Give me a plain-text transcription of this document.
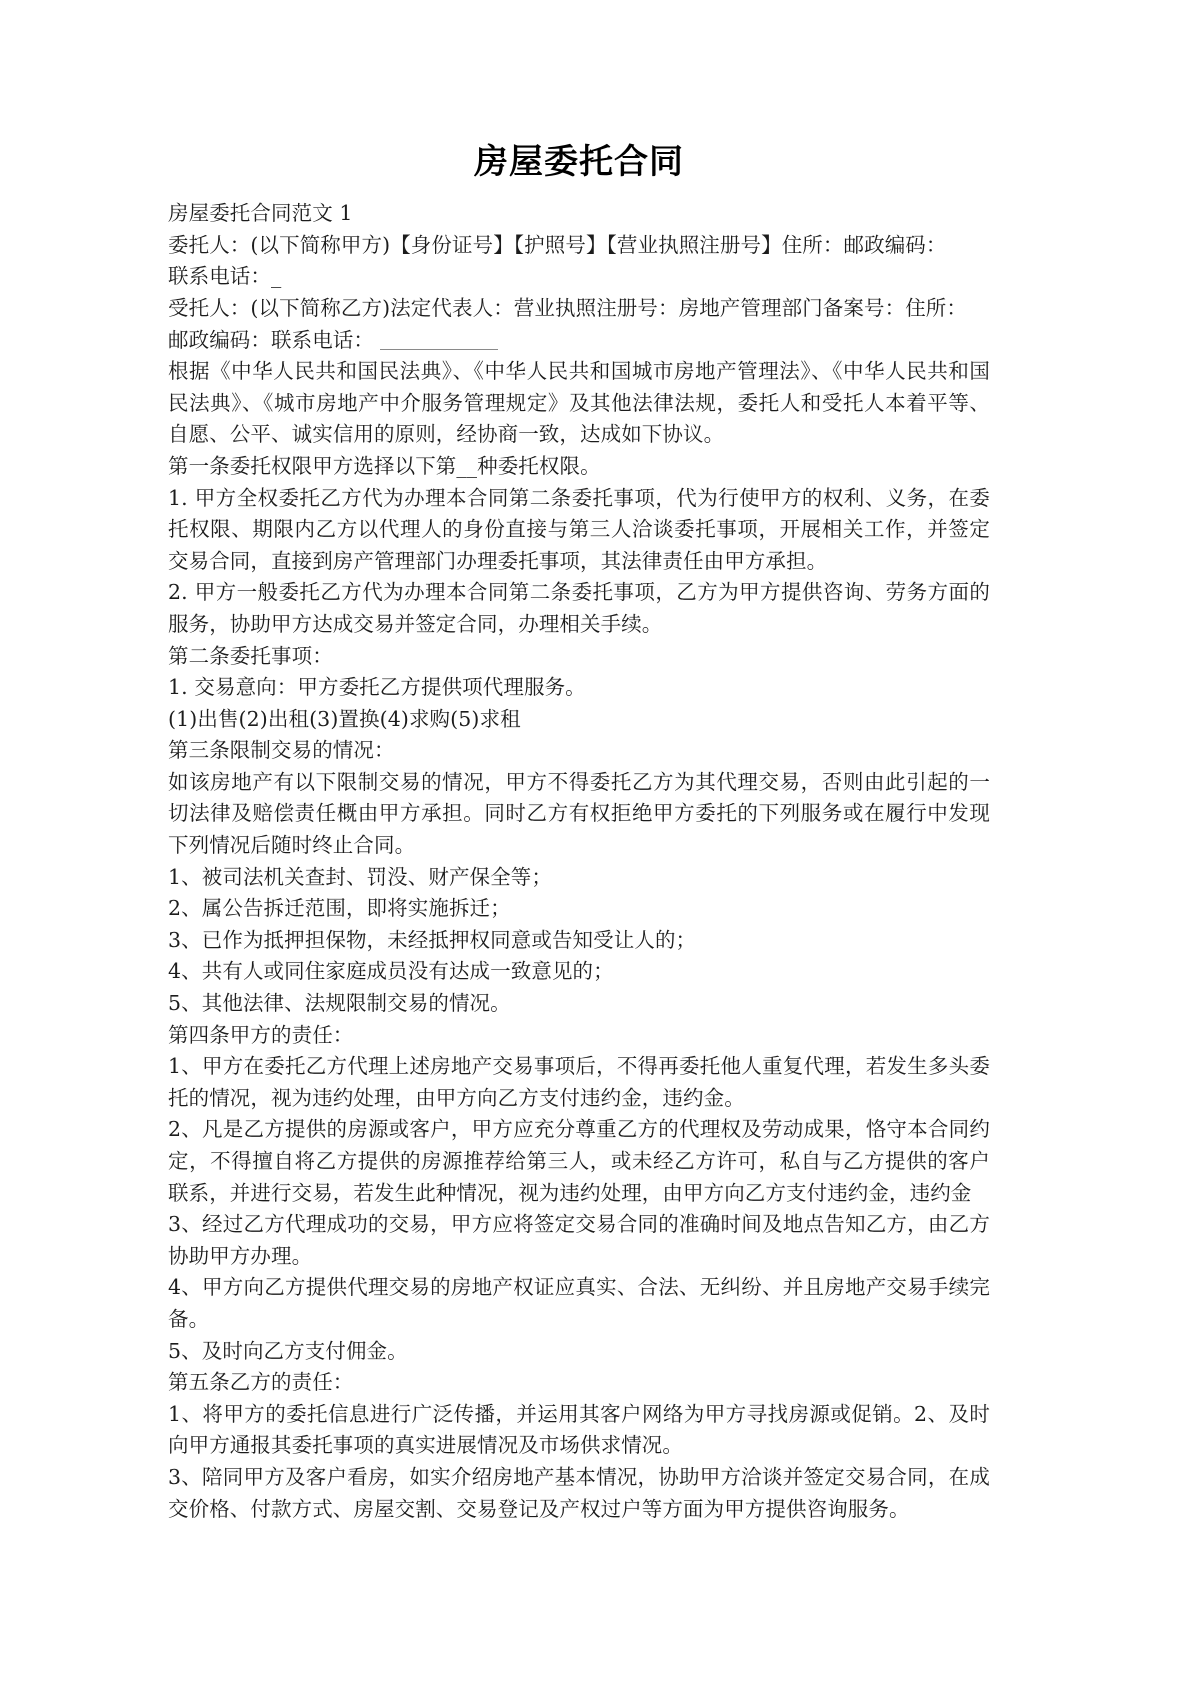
房屋委托合同

房屋委托合同范文 1

委托人：(以下简称甲方)【身份证号】【护照号】【营业执照注册号】住所：邮政编码：

联系电话：_

受托人：(以下简称乙方)法定代表人：营业执照注册号：房地产管理部门备案号：住所：

邮政编码：联系电话：

根据《中华人民共和国民法典》、《中华人民共和国城市房地产管理法》、《中华人民共和国民法典》、《城市房地产中介服务管理规定》及其他法律法规，委托人和受托人本着平等、自愿、公平、诚实信用的原则，经协商一致，达成如下协议。

第一条委托权限甲方选择以下第__种委托权限。

1. 甲方全权委托乙方代为办理本合同第二条委托事项，代为行使甲方的权利、义务，在委托权限、期限内乙方以代理人的身份直接与第三人洽谈委托事项，开展相关工作，并签定交易合同，直接到房产管理部门办理委托事项，其法律责任由甲方承担。

2. 甲方一般委托乙方代为办理本合同第二条委托事项，乙方为甲方提供咨询、劳务方面的服务，协助甲方达成交易并签定合同，办理相关手续。

第二条委托事项：

1. 交易意向：甲方委托乙方提供项代理服务。

(1)出售(2)出租(3)置换(4)求购(5)求租

第三条限制交易的情况：

如该房地产有以下限制交易的情况，甲方不得委托乙方为其代理交易，否则由此引起的一切法律及赔偿责任概由甲方承担。同时乙方有权拒绝甲方委托的下列服务或在履行中发现下列情况后随时终止合同。

1、被司法机关查封、罚没、财产保全等；

2、属公告拆迁范围，即将实施拆迁；

3、已作为抵押担保物，未经抵押权同意或告知受让人的；

4、共有人或同住家庭成员没有达成一致意见的；

5、其他法律、法规限制交易的情况。

第四条甲方的责任：

1、甲方在委托乙方代理上述房地产交易事项后，不得再委托他人重复代理，若发生多头委托的情况，视为违约处理，由甲方向乙方支付违约金，违约金。

2、凡是乙方提供的房源或客户，甲方应充分尊重乙方的代理权及劳动成果，恪守本合同约定，不得擅自将乙方提供的房源推荐给第三人，或未经乙方许可，私自与乙方提供的客户联系，并进行交易，若发生此种情况，视为违约处理，由甲方向乙方支付违约金，违约金

3、经过乙方代理成功的交易，甲方应将签定交易合同的准确时间及地点告知乙方，由乙方协助甲方办理。

4、甲方向乙方提供代理交易的房地产权证应真实、合法、无纠纷、并且房地产交易手续完备。

5、及时向乙方支付佣金。

第五条乙方的责任：

1、将甲方的委托信息进行广泛传播，并运用其客户网络为甲方寻找房源或促销。2、及时向甲方通报其委托事项的真实进展情况及市场供求情况。

3、陪同甲方及客户看房，如实介绍房地产基本情况，协助甲方洽谈并签定交易合同，在成交价格、付款方式、房屋交割、交易登记及产权过户等方面为甲方提供咨询服务。
